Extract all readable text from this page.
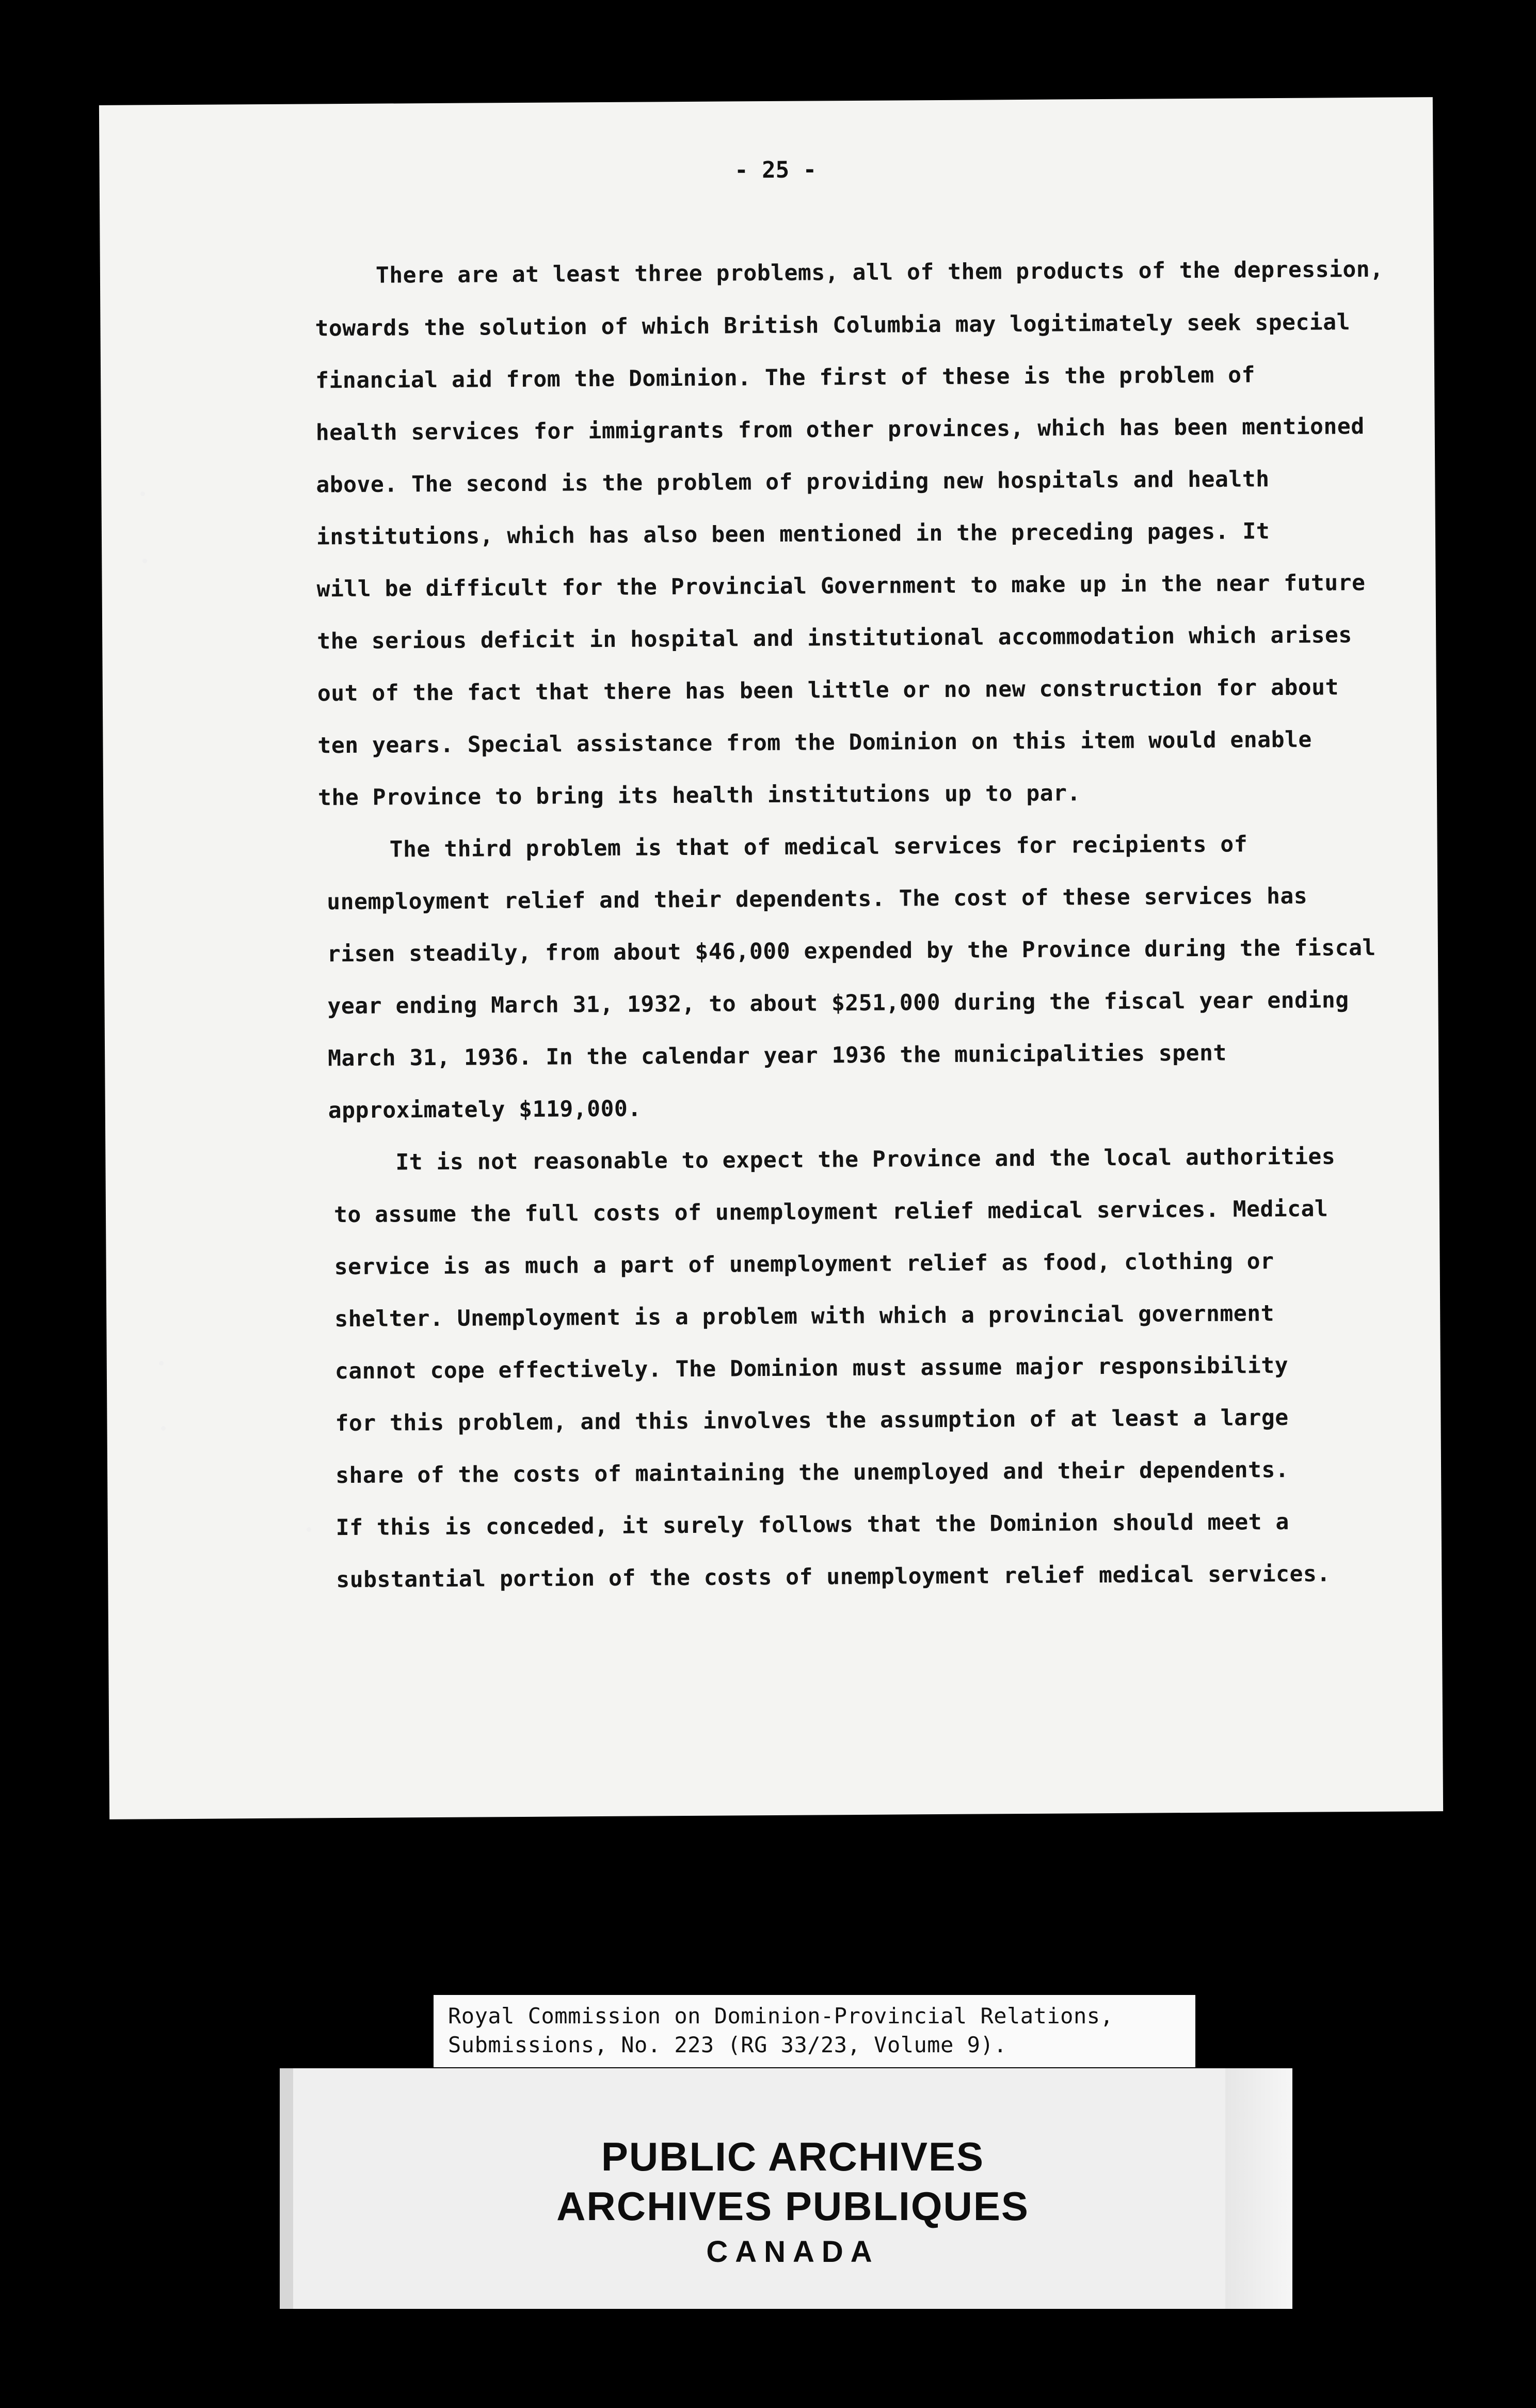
- 25 -
There are at least three problems, all of them products of the depression,
towards the solution of which British Columbia may logitimately seek special
financial aid from the Dominion. The first of these is the problem of
health services for immigrants from other provinces, which has been mentioned
above. The second is the problem of providing new hospitals and health
institutions, which has also been mentioned in the preceding pages. It
will be difficult for the Provincial Government to make up in the near future
the serious deficit in hospital and institutional accommodation which arises
out of the fact that there has been little or no new construction for about
ten years. Special assistance from the Dominion on this item would enable
the Province to bring its health institutions up to par.
The third problem is that of medical services for recipients of
unemployment relief and their dependents. The cost of these services has
risen steadily, from about $46,000 expended by the Province during the fiscal
year ending March 31, 1932, to about $251,000 during the fiscal year ending
March 31, 1936. In the calendar year 1936 the municipalities spent
approximately $119,000.
It is not reasonable to expect the Province and the local authorities
to assume the full costs of unemployment relief medical services. Medical
service is as much a part of unemployment relief as food, clothing or
shelter. Unemployment is a problem with which a provincial government
cannot cope effectively. The Dominion must assume major responsibility
for this problem, and this involves the assumption of at least a large
share of the costs of maintaining the unemployed and their dependents.
If this is conceded, it surely follows that the Dominion should meet a
substantial portion of the costs of unemployment relief medical services.
Royal Commission on Dominion-Provincial Relations,
Submissions, No. 223 (RG 33/23, Volume 9).
PUBLIC ARCHIVES
ARCHIVES PUBLIQUES
CANADA
